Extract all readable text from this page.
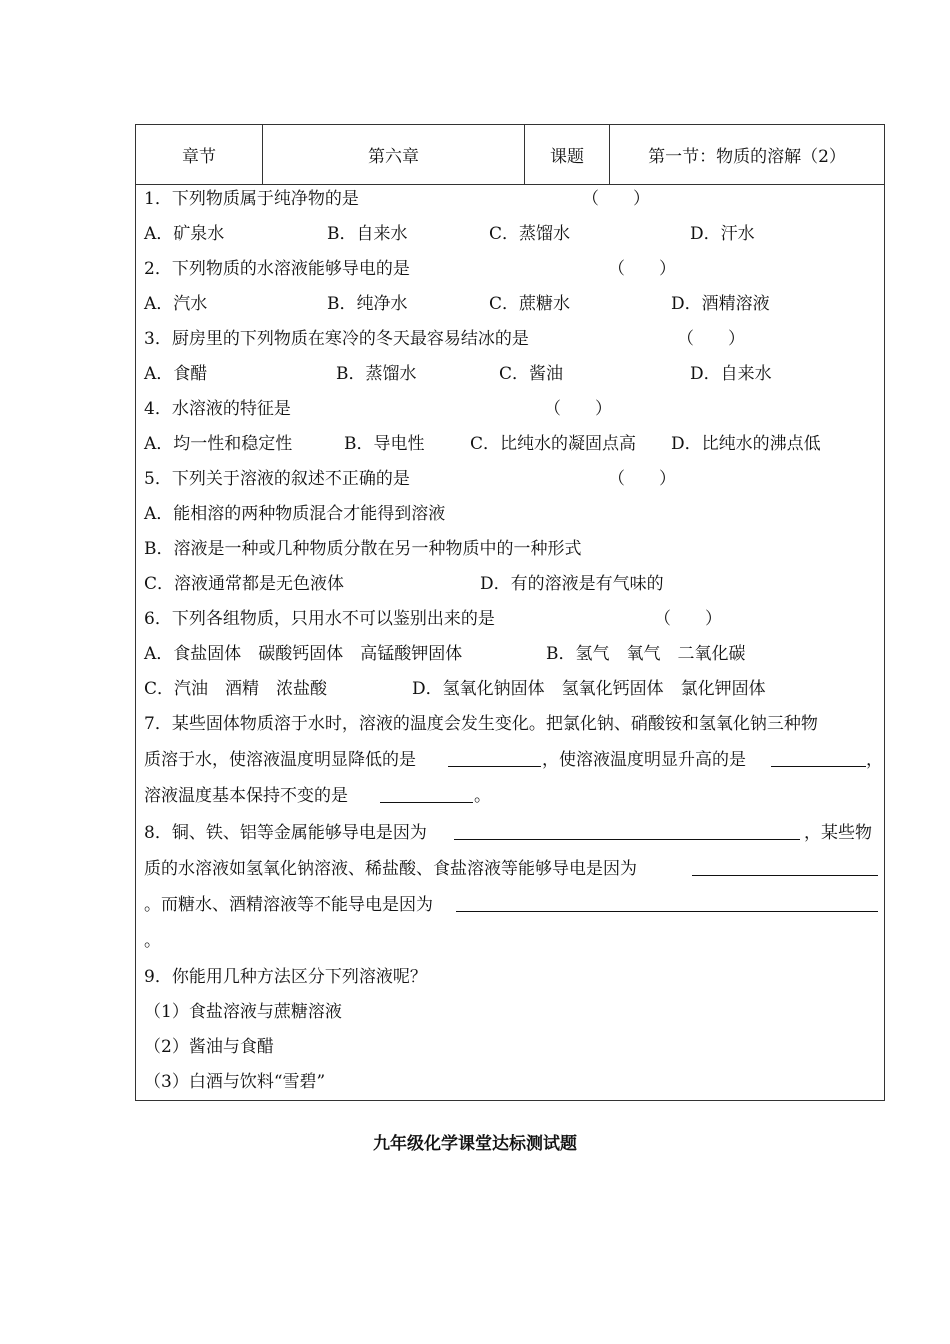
章节	第六章	课题	第一节：物质的溶解（2）
1．下列物质属于纯净物的是	（　　）
A．矿泉水	B．自来水	C．蒸馏水	D．汗水
2．下列物质的水溶液能够导电的是	（　　）
A．汽水	B．纯净水	C．蔗糖水	D．酒精溶液
3．厨房里的下列物质在寒冷的冬天最容易结冰的是	（　　）
A．食醋	B．蒸馏水	C．酱油	D．自来水
4．水溶液的特征是	（　　）
A．均一性和稳定性	B．导电性	C．比纯水的凝固点高 D．比纯水的沸点低
5．下列关于溶液的叙述不正确的是	（　　）
A．能相溶的两种物质混合才能得到溶液
B．溶液是一种或几种物质分散在另一种物质中的一种形式
C．溶液通常都是无色液体	D．有的溶液是有气味的
6．下列各组物质，只用水不可以鉴别出来的是	（　　）
A．食盐固体　碳酸钙固体　高锰酸钾固体	B．氢气　氧气　二氧化碳
C．汽油　酒精　浓盐酸	D．氢氧化钠固体　氢氧化钙固体　氯化钾固体
7．某些固体物质溶于水时，溶液的温度会发生变化。把氯化钠、硝酸铵和氢氧化钠三种物
质溶于水，使溶液温度明显降低的是	，使溶液温度明显升高的是	，
溶液温度基本保持不变的是	。
8．铜、铁、铝等金属能够导电是因为	，某些物
质的水溶液如氢氧化钠溶液、稀盐酸、食盐溶液等能够导电是因为
。而糖水、酒精溶液等不能导电是因为
。
9．你能用几种方法区分下列溶液呢？
（1）食盐溶液与蔗糖溶液
（2）酱油与食醋
（3）白酒与饮料“雪碧”
九年级化学课堂达标测试题
